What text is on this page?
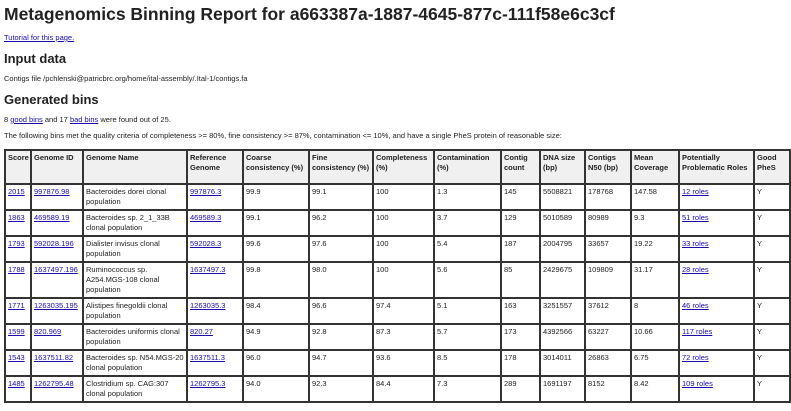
Metagenomics Binning Report for a663387a-1887-4645-877c-111f58e6c3cf

Tutorial for this page.

Input data

Contigs file /pchlenski@patricbrc.org/home/ital-assembly/.Ital-1/contigs.fa

Generated bins

8 good bins and 17 bad bins were found out of 25.

The following bins met the quality criteria of completeness >= 80%, fine consistency >= 87%, contamination <= 10%, and have a single PheS protein of reasonable size:

Score	Genome ID	Genome Name	Reference Genome	Coarse consistency (%)	Fine consistency (%)	Completeness (%)	Contamination (%)	Contig count	DNA size (bp)	Contigs N50 (bp)	Mean Coverage	Potentially Problematic Roles	Good PheS
2015	997876.98	Bacteroides dorei clonal population	997876.3	99.9	99.1	100	1.3	145	5508821	178768	147.58	12 roles	Y
1863	469589.19	Bacteroides sp. 2_1_33B clonal population	469589.3	99.1	96.2	100	3.7	129	5010589	80989	9.3	51 roles	Y
1793	592028.196	Dialister invisus clonal population	592028.3	99.6	97.6	100	5.4	187	2004795	33657	19.22	33 roles	Y
1788	1637497.196	Ruminococcus sp. A254.MGS-108 clonal population	1637497.3	99.8	98.0	100	5.6	85	2429675	109809	31.17	28 roles	Y
1771	1263035.195	Alistipes finegoldii clonal population	1263035.3	98.4	96.6	97.4	5.1	163	3251557	37612	8	46 roles	Y
1599	820.969	Bacteroides uniformis clonal population	820.27	94.9	92.8	87.3	5.7	173	4392566	63227	10.66	117 roles	Y
1543	1637511.82	Bacteroides sp. N54.MGS-20 clonal population	1637511.3	96.0	94.7	93.6	8.5	178	3014011	26863	6.75	72 roles	Y
1485	1262795.48	Clostridium sp. CAG:307 clonal population	1262795.3	94.0	92.3	84.4	7.3	289	1691197	8152	8.42	109 roles	Y
